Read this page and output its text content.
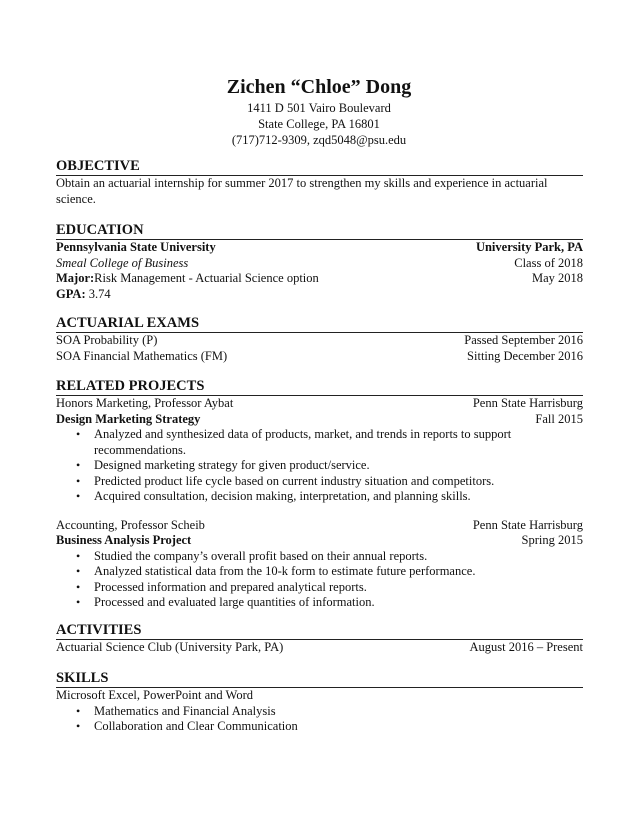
Zichen “Chloe” Dong

1411 D 501 Vairo Boulevard

State College, PA 16801

(717)712-9309, zqd5048@psu.edu

OBJECTIVE

Obtain an actuarial internship for summer 2017 to strengthen my skills and experience in actuarial science.

EDUCATION

Pennsylvania State University	University Park, PA
Smeal College of Business	Class of 2018
Major:Risk Management - Actuarial Science option	May 2018
GPA: 3.74

ACTUARIAL EXAMS

SOA Probability (P)	Passed September 2016
SOA Financial Mathematics (FM)	Sitting December 2016

RELATED PROJECTS

Honors Marketing, Professor Aybat	Penn State Harrisburg
Design Marketing Strategy	Fall 2015
• Analyzed and synthesized data of products, market, and trends in reports to support recommendations.
• Designed marketing strategy for given product/service.
• Predicted product life cycle based on current industry situation and competitors.
• Acquired consultation, decision making, interpretation, and planning skills.
Accounting, Professor Scheib	Penn State Harrisburg
Business Analysis Project	Spring 2015
• Studied the company’s overall profit based on their annual reports.
• Analyzed statistical data from the 10-k form to estimate future performance.
• Processed information and prepared analytical reports.
• Processed and evaluated large quantities of information.

ACTIVITIES

Actuarial Science Club (University Park, PA)	August 2016 – Present

SKILLS

Microsoft Excel, PowerPoint and Word
• Mathematics and Financial Analysis
• Collaboration and Clear Communication
